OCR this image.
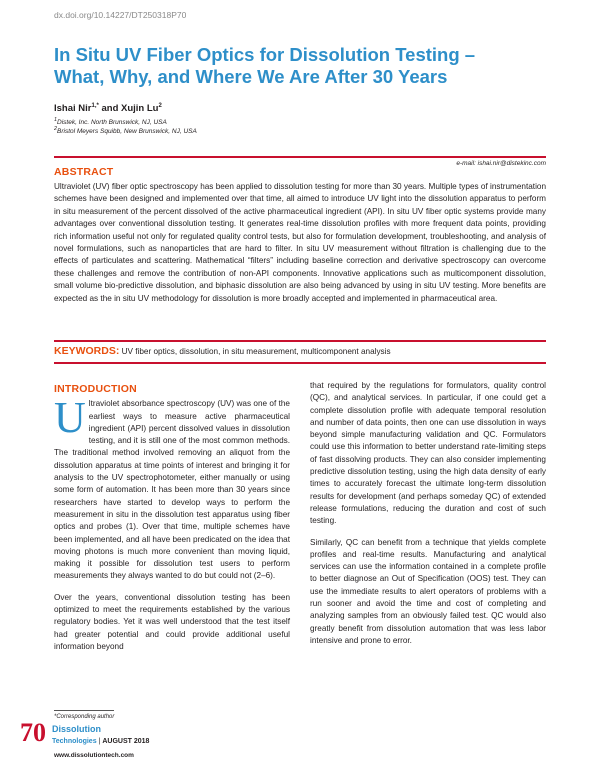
dx.doi.org/10.14227/DT250318P70
In Situ UV Fiber Optics for Dissolution Testing – What, Why, and Where We Are After 30 Years
Ishai Nir$^{1,*}$ and Xujin Lu$^2$
$^1$Distek, Inc. North Brunswick, NJ, USA
$^2$Bristol Meyers Squibb, New Brunswick, NJ, USA
e-mail: ishai.nir@distekinc.com
ABSTRACT
Ultraviolet (UV) fiber optic spectroscopy has been applied to dissolution testing for more than 30 years. Multiple types of instrumentation schemes have been designed and implemented over that time, all aimed to introduce UV light into the dissolution apparatus to perform in situ measurement of the percent dissolved of the active pharmaceutical ingredient (API). In situ UV fiber optic systems provide many advantages over conventional dissolution testing. It generates real-time dissolution profiles with more frequent data points, providing rich information useful not only for regulated quality control tests, but also for formulation development, troubleshooting, and analysis of novel formulations, such as nanoparticles that are hard to filter. In situ UV measurement without filtration is challenging due to the effects of particulates and scattering. Mathematical “filters” including baseline correction and derivative spectroscopy can overcome these challenges and remove the contribution of non-API components. Innovative applications such as multicomponent dissolution, small volume bio-predictive dissolution, and biphasic dissolution are also being advanced by using in situ UV testing. More benefits are expected as the in situ UV methodology for dissolution is more broadly accepted and implemented in pharmaceutical area.
KEYWORDS: UV fiber optics, dissolution, in situ measurement, multicomponent analysis
INTRODUCTION

Ultraviolet absorbance spectroscopy (UV) was one of the earliest ways to measure active pharmaceutical ingredient (API) percent dissolved values in dissolution testing, and it is still one of the most common methods. The traditional method involved removing an aliquot from the dissolution apparatus at time points of interest and bringing it for analysis to the UV spectrophotometer, either manually or using some form of automation. It has been more than 30 years since researchers have started to develop ways to perform the measurement in situ in the dissolution test apparatus using fiber optics and probes (1). Over that time, multiple schemes have been implemented, and all have been predicated on the idea that moving photons is much more convenient than moving liquid, making it possible for dissolution test users to perform measurements they always wanted to do but could not (2–6).

Over the years, conventional dissolution testing has been optimized to meet the requirements established by the various regulatory bodies. Yet it was well understood that the test itself had greater potential and could provide additional useful information beyond

that required by the regulations for formulators, quality control (QC), and analytical services. In particular, if one could get a complete dissolution profile with adequate temporal resolution and number of data points, then one can use dissolution in ways beyond simple manufacturing validation and QC. Formulators could use this information to better understand rate-limiting steps of fast dissolving products. They can also consider implementing predictive dissolution testing, using the high data density of early times to accurately forecast the ultimate long-term dissolution results for development (and perhaps someday QC) of extended release formulations, reducing the duration and cost of such testing.

Similarly, QC can benefit from a technique that yields complete profiles and real-time results. Manufacturing and analytical services can use the information contained in a complete profile to better diagnose an Out of Specification (OOS) test. They can use the immediate results to alert operators of problems with a run sooner and avoid the time and cost of completing and analyzing samples from an obviously failed test. QC would also greatly benefit from dissolution automation that was less labor intensive and prone to error.

*Corresponding author
70 Dissolution
Technologies | AUGUST 2018
www.dissolutiontech.com
